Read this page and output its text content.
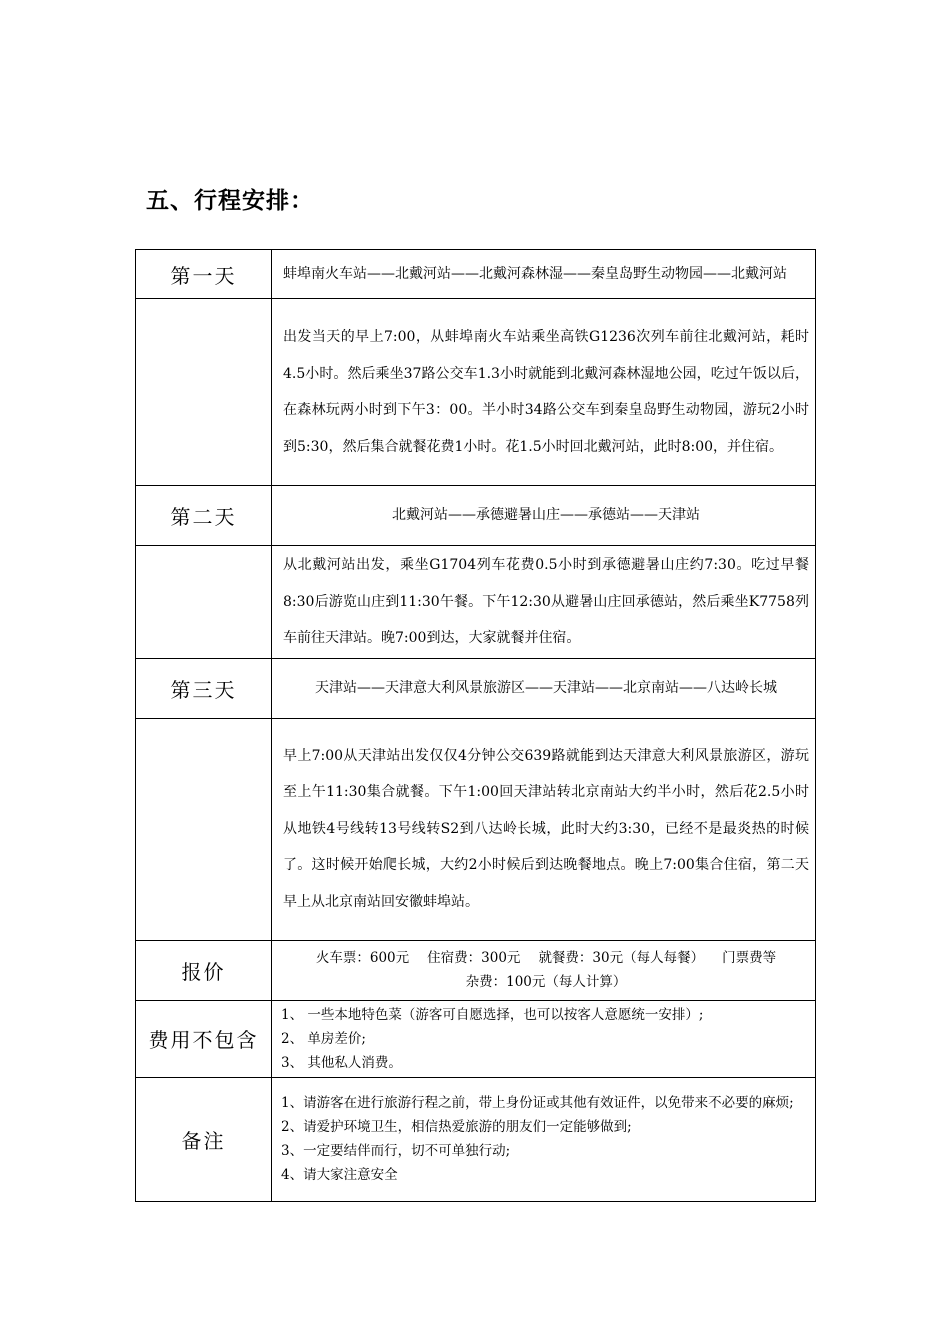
五、行程安排：
第一天	蚌埠南火车站——北戴河站——北戴河森林湿——秦皇岛野生动物园——北戴河站
	出发当天的早上7:00，从蚌埠南火车站乘坐高铁G1236次列车前往北戴河站，耗时4.5小时。然后乘坐37路公交车1.3小时就能到北戴河森林湿地公园，吃过午饭以后，在森林玩两小时到下午3：00。半小时34路公交车到秦皇岛野生动物园，游玩2小时到5:30，然后集合就餐花费1小时。花1.5小时回北戴河站，此时8:00，并住宿。
第二天	北戴河站——承德避暑山庄——承德站——天津站
	从北戴河站出发，乘坐G1704列车花费0.5小时到承德避暑山庄约7:30。吃过早餐8:30后游览山庄到11:30午餐。下午12:30从避暑山庄回承德站，然后乘坐K7758列车前往天津站。晚7:00到达，大家就餐并住宿。
第三天	天津站——天津意大利风景旅游区——天津站——北京南站——八达岭长城
	早上7:00从天津站出发仅仅4分钟公交639路就能到达天津意大利风景旅游区，游玩至上午11:30集合就餐。下午1:00回天津站转北京南站大约半小时，然后花2.5小时从地铁4号线转13号线转S2到八达岭长城，此时大约3:30，已经不是最炎热的时候了。这时候开始爬长城，大约2小时候后到达晚餐地点。晚上7:00集合住宿，第二天早上从北京南站回安徽蚌埠站。
报价	火车票：600元 住宿费：300元 就餐费：30元（每人每餐） 门票费等
杂费：100元（每人计算）
费用不包含	1、 一些本地特色菜（游客可自愿选择，也可以按客人意愿统一安排）;
2、 单房差价;
3、 其他私人消费。

备注	1、请游客在进行旅游行程之前，带上身份证或其他有效证件，以免带来不必要的麻烦;
2、请爱护环境卫生，相信热爱旅游的朋友们一定能够做到;
3、一定要结伴而行，切不可单独行动;
4、请大家注意安全
